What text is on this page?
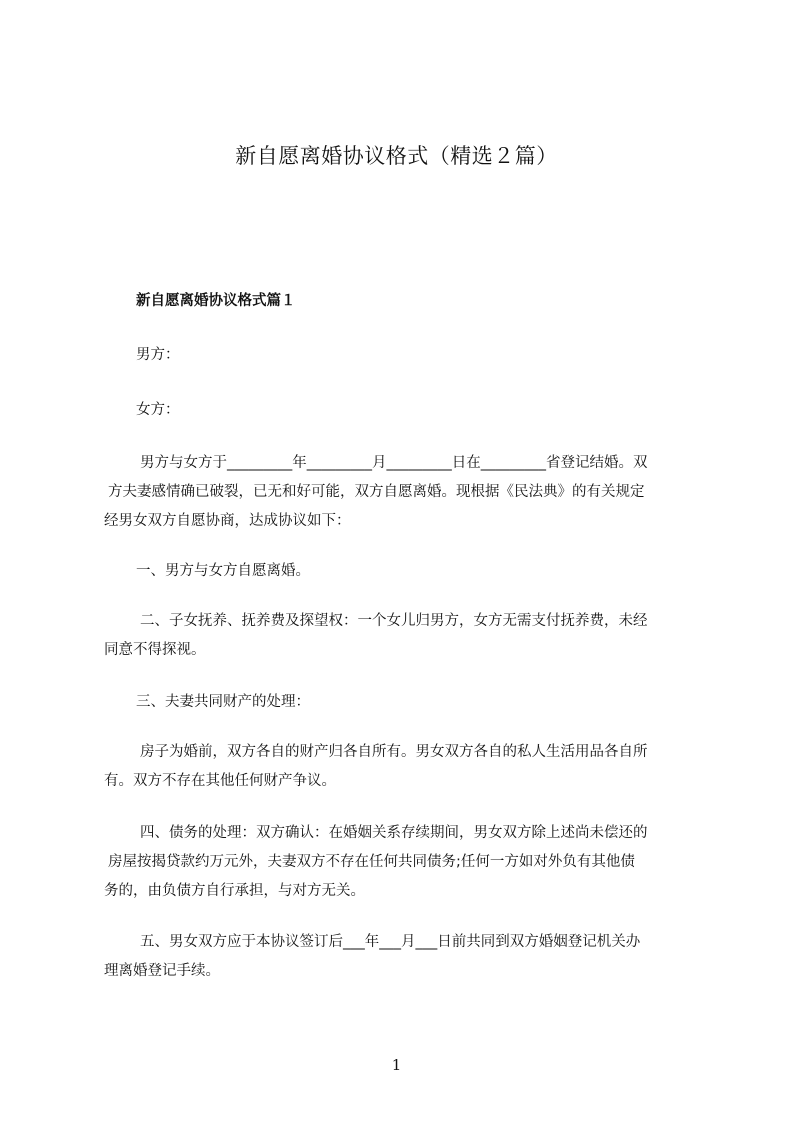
新自愿离婚协议格式（精选２篇）
新自愿离婚协议格式篇１

男方：

女方：

男方与女方于_________年_________月_________日在_________省登记结婚。双
方夫妻感情确已破裂，已无和好可能，双方自愿离婚。现根据《民法典》的有关规定
经男女双方自愿协商，达成协议如下：

一、男方与女方自愿离婚。

二、子女抚养、抚养费及探望权：一个女儿归男方，女方无需支付抚养费，未经
同意不得探视。

三、夫妻共同财产的处理：

房子为婚前，双方各自的财产归各自所有。男女双方各自的私人生活用品各自所
有。双方不存在其他任何财产争议。

四、债务的处理：双方确认：在婚姻关系存续期间，男女双方除上述尚未偿还的
房屋按揭贷款约万元外，夫妻双方不存在任何共同债务;任何一方如对外负有其他债
务的，由负债方自行承担，与对方无关。

五、男女双方应于本协议签订后___年___月___日前共同到双方婚姻登记机关办
理离婚登记手续。

1
